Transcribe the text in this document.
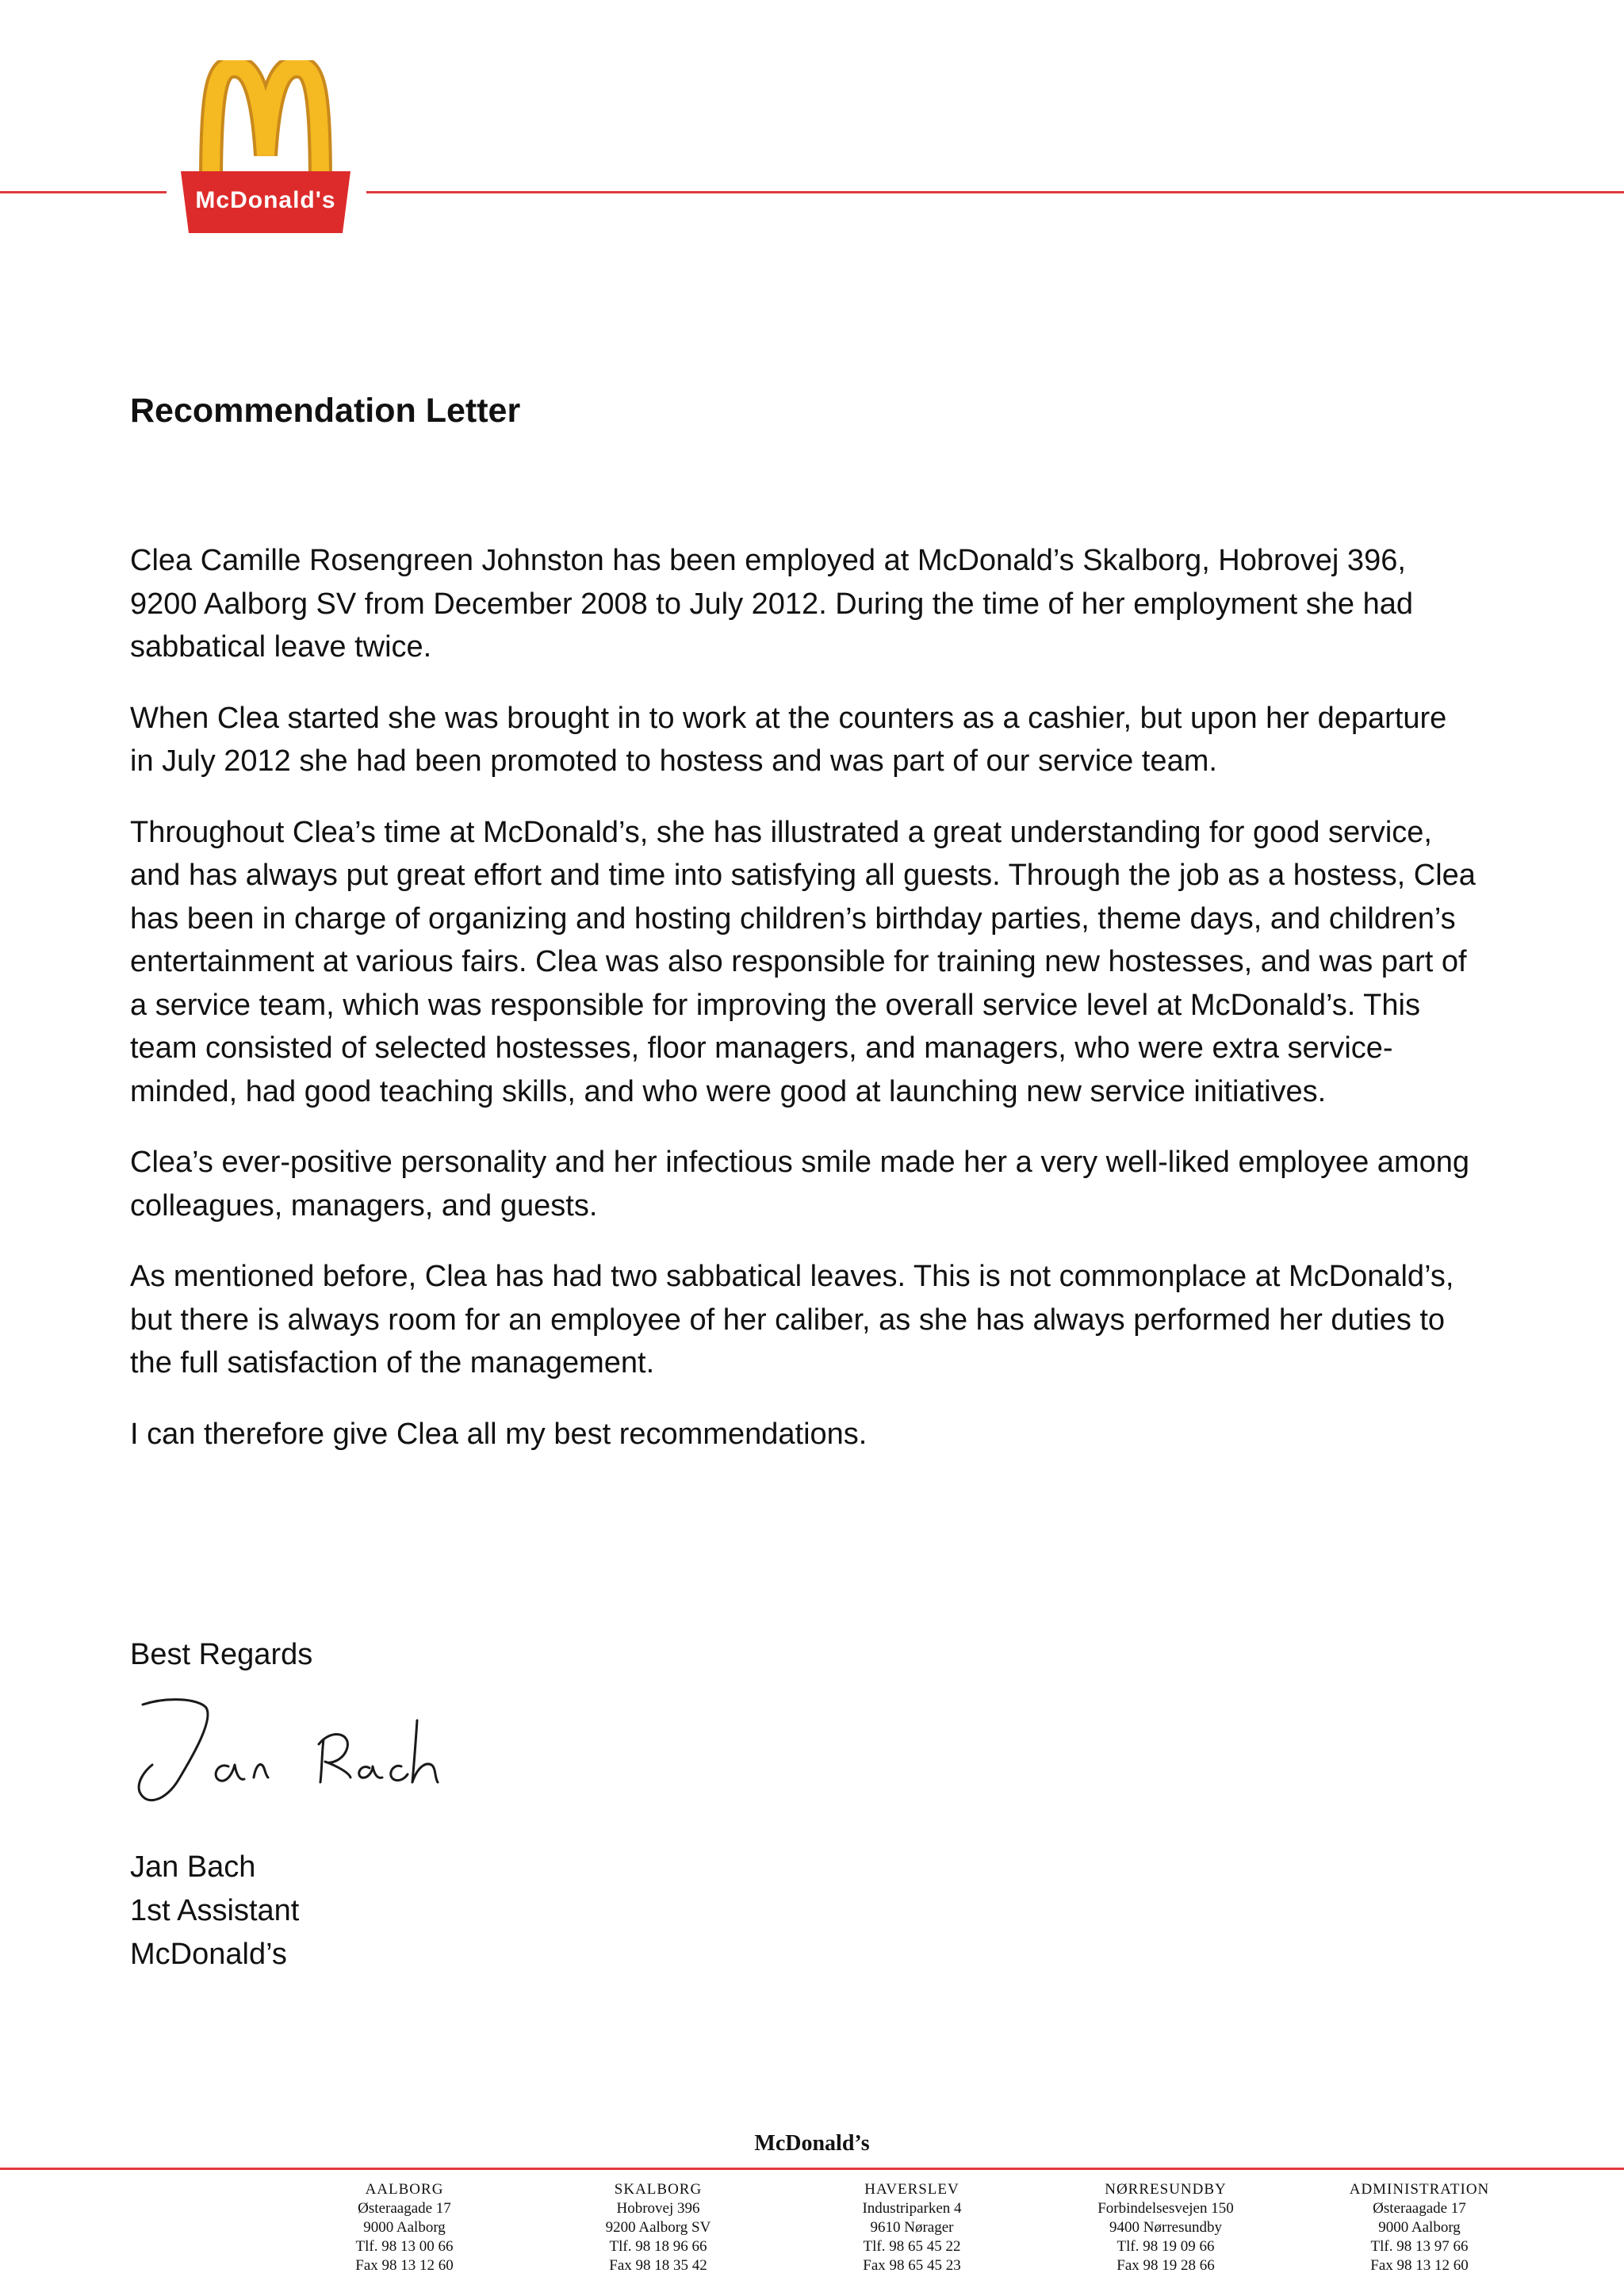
McDonald's
Recommendation Letter

Clea Camille Rosengreen Johnston has been employed at McDonald’s Skalborg, Hobrovej 396, 9200 Aalborg SV from December 2008 to July 2012. During the time of her employment she had sabbatical leave twice.

When Clea started she was brought in to work at the counters as a cashier, but upon her departure in July 2012 she had been promoted to hostess and was part of our service team.

Throughout Clea’s time at McDonald’s, she has illustrated a great understanding for good service, and has always put great effort and time into satisfying all guests. Through the job as a hostess, Clea has been in charge of organizing and hosting children’s birthday parties, theme days, and children’s entertainment at various fairs. Clea was also responsible for training new hostesses, and was part of a service team, which was responsible for improving the overall service level at McDonald’s. This team consisted of selected hostesses, floor managers, and managers, who were extra service-minded, had good teaching skills, and who were good at launching new service initiatives.

Clea’s ever-positive personality and her infectious smile made her a very well-liked employee among colleagues, managers, and guests.

As mentioned before, Clea has had two sabbatical leaves. This is not commonplace at McDonald’s, but there is always room for an employee of her caliber, as she has always performed her duties to the full satisfaction of the management.

I can therefore give Clea all my best recommendations.

Best Regards
Jan Bach
1st Assistant
McDonald’s
McDonald’s
AALBORG
Østeraagade 17
9000 Aalborg
Tlf. 98 13 00 66
Fax 98 13 12 60
SKALBORG
Hobrovej 396
9200 Aalborg SV
Tlf. 98 18 96 66
Fax 98 18 35 42
HAVERSLEV
Industriparken 4
9610 Nørager
Tlf. 98 65 45 22
Fax 98 65 45 23
NØRRESUNDBY
Forbindelsesvejen 150
9400 Nørresundby
Tlf. 98 19 09 66
Fax 98 19 28 66
ADMINISTRATION
Østeraagade 17
9000 Aalborg
Tlf. 98 13 97 66
Fax 98 13 12 60
